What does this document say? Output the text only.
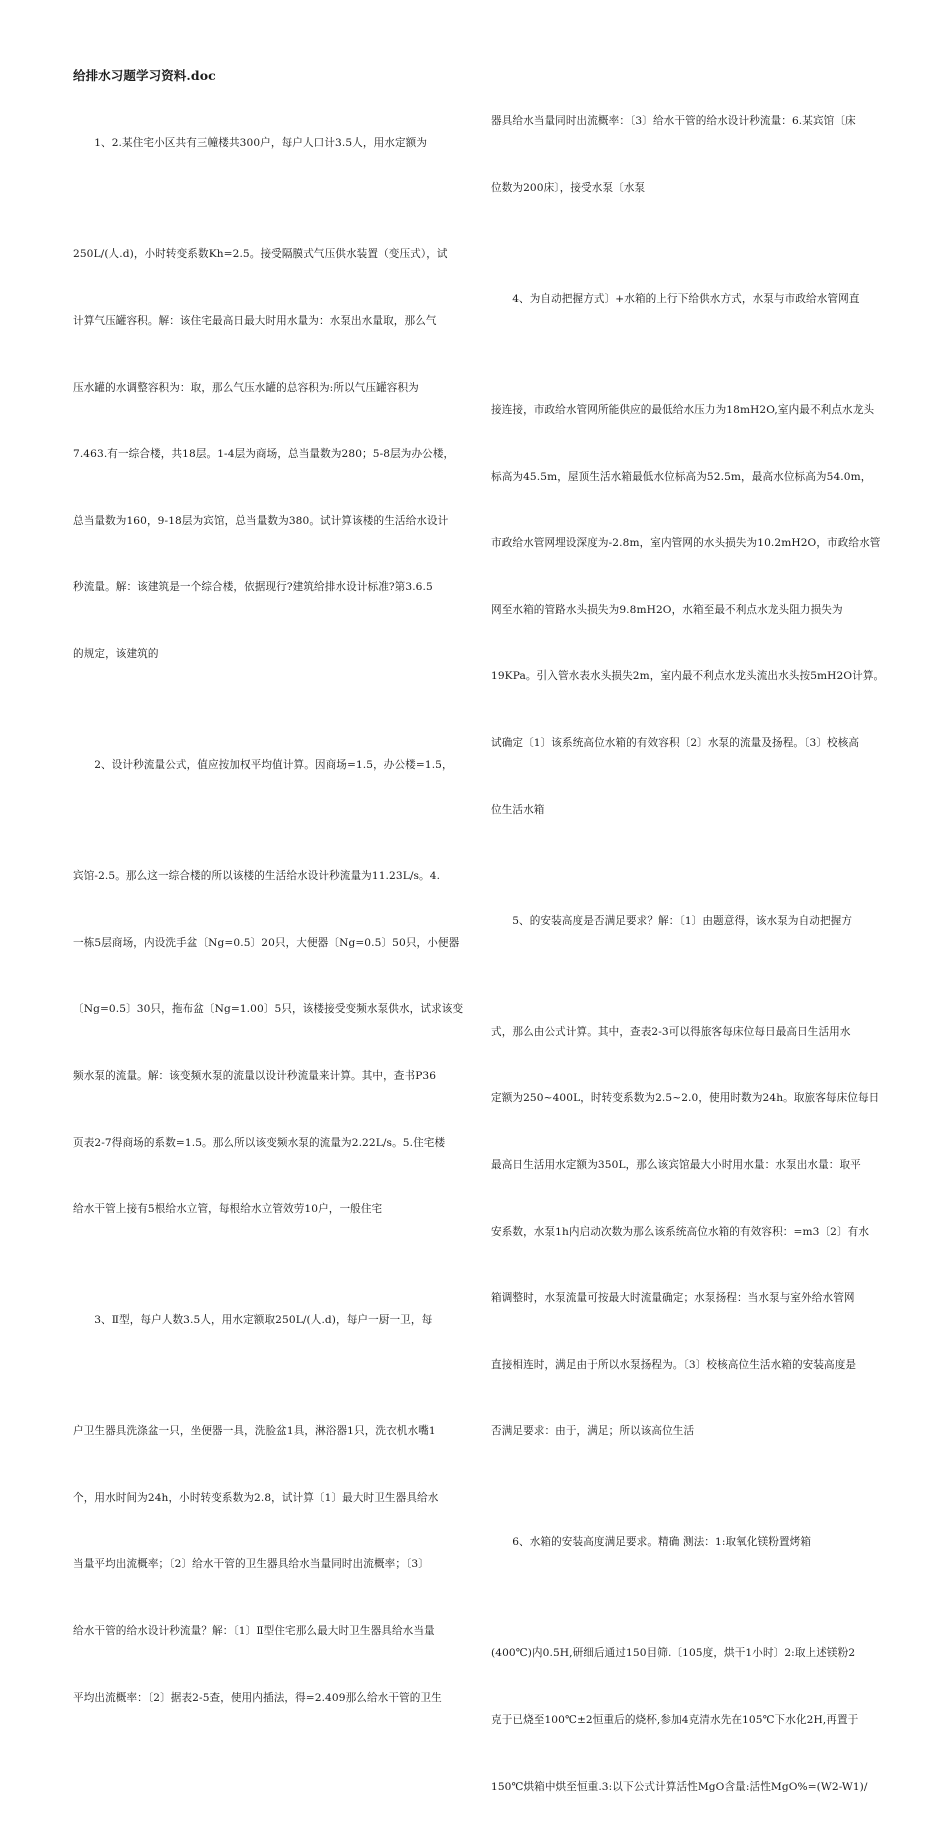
给排水习题学习资料.doc

1、2.某住宅小区共有三幢楼共300户，每户人口计3.5人，用水定额为

250L/(人.d)，小时转变系数Kh=2.5。接受隔膜式气压供水装置（变压式），试

计算气压罐容积。解：该住宅最高日最大时用水量为：水泵出水量取，那么气

压水罐的水调整容积为：取，那么气压水罐的总容积为:所以气压罐容积为

7.463.有一综合楼，共18层。1-4层为商场，总当量数为280；5-8层为办公楼，

总当量数为160，9-18层为宾馆，总当量数为380。试计算该楼的生活给水设计

秒流量。解：该建筑是一个综合楼，依据现行?建筑给排水设计标准?第3.6.5

的规定，该建筑的

2、设计秒流量公式，值应按加权平均值计算。因商场=1.5，办公楼=1.5，

宾馆-2.5。那么这一综合楼的所以该楼的生活给水设计秒流量为11.23L/s。4.

一栋5层商场，内设洗手盆〔Ng=0.5〕20只，大便器〔Ng=0.5〕50只，小便器

〔Ng=0.5〕30只，拖布盆〔Ng=1.00〕5只，该楼接受变频水泵供水，试求该变

频水泵的流量。解：该变频水泵的流量以设计秒流量来计算。其中，查书P36

页表2-7得商场的系数=1.5。那么所以该变频水泵的流量为2.22L/s。5.住宅楼

给水干管上接有5根给水立管，每根给水立管效劳10户，一般住宅

3、Ⅱ型，每户人数3.5人，用水定额取250L/(人.d)，每户一厨一卫，每

户卫生器具洗涤盆一只，坐便器一具，洗脸盆1具，淋浴器1只，洗衣机水嘴1

个，用水时间为24h，小时转变系数为2.8，试计算〔1〕最大时卫生器具给水

当量平均出流概率；〔2〕给水干管的卫生器具给水当量同时出流概率；〔3〕

给水干管的给水设计秒流量？解：〔1〕Ⅱ型住宅那么最大时卫生器具给水当量

平均出流概率：〔2〕据表2-5查，使用内插法，得=2.409那么给水干管的卫生

器具给水当量同时出流概率：〔3〕给水干管的给水设计秒流量：6.某宾馆〔床

位数为200床〕，接受水泵〔水泵

4、为自动把握方式〕+水箱的上行下给供水方式，水泵与市政给水管网直

接连接，市政给水管网所能供应的最低给水压力为18mH2O,室内最不利点水龙头

标高为45.5m，屋顶生活水箱最低水位标高为52.5m，最高水位标高为54.0m，

市政给水管网埋设深度为-2.8m，室内管网的水头损失为10.2mH2O，市政给水管

网至水箱的管路水头损失为9.8mH2O，水箱至最不利点水龙头阻力损失为

19KPa。引入管水表水头损失2m，室内最不利点水龙头流出水头按5mH2O计算。

试确定〔1〕该系统高位水箱的有效容积〔2〕水泵的流量及扬程。〔3〕校核高

位生活水箱

5、的安装高度是否满足要求？解：〔1〕由题意得，该水泵为自动把握方

式，那么由公式计算。其中，查表2-3可以得旅客每床位每日最高日生活用水

定额为250~400L，时转变系数为2.5~2.0，使用时数为24h。取旅客每床位每日

最高日生活用水定额为350L，那么该宾馆最大小时用水量：水泵出水量：取平

安系数，水泵1h内启动次数为那么该系统高位水箱的有效容积：=m3〔2〕有水

箱调整时，水泵流量可按最大时流量确定；水泵扬程：当水泵与室外给水管网

直接相连时，满足由于所以水泵扬程为。〔3〕校核高位生活水箱的安装高度是

否满足要求：由于，满足；所以该高位生活

6、水箱的安装高度满足要求。精确 测法：1:取氧化镁粉置烤箱

(400℃)内0.5H,研细后通过150目筛.〔105度，烘干1小时〕2:取上述镁粉2

克于已烧至100℃±2恒重后的烧杯,参加4克清水先在105℃下水化2H,再置于

150℃烘箱中烘至恒重.3:以下公式计算活性MgO含量:活性MgO%=(W2-W1)/
